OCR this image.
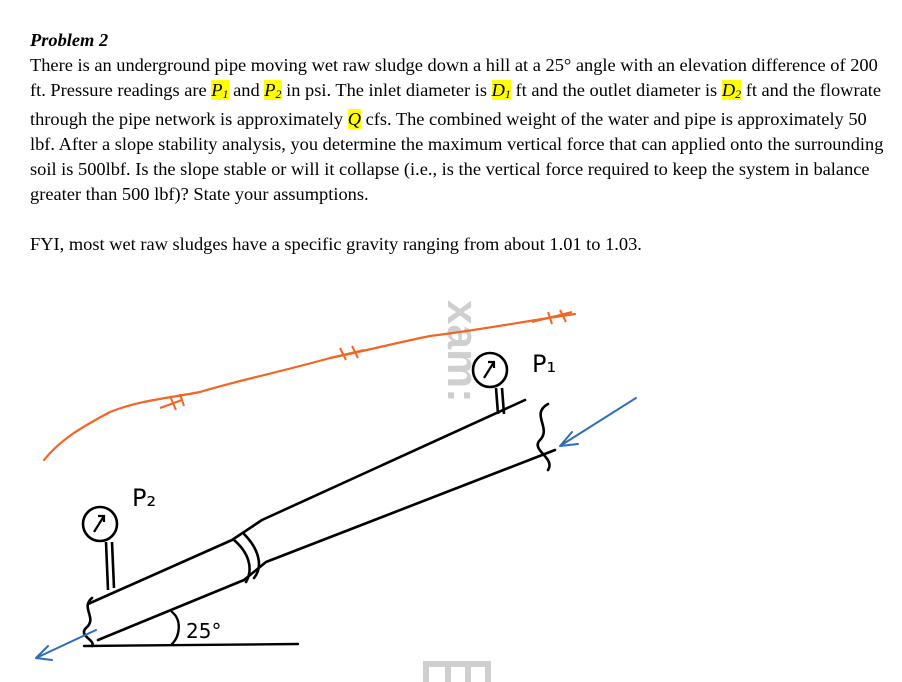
Problem 2

There is an underground pipe moving wet raw sludge down a hill at a 25° angle with an elevation difference of 200 ft. Pressure readings are P1 and P2 in psi. The inlet diameter is D1 ft and the outlet diameter is D2 ft and the flowrate through the pipe network is approximately Q cfs. The combined weight of the water and pipe is approximately 50 lbf. After a slope stability analysis, you determine the maximum vertical force that can applied onto the surrounding soil is 500lbf. Is the slope stable or will it collapse (i.e., is the vertical force required to keep the system in balance greater than 500 lbf)? State your assumptions.

FYI, most wet raw sludges have a specific gravity ranging from about 1.01 to 1.03.

xam:
25°
P₁
P₂
